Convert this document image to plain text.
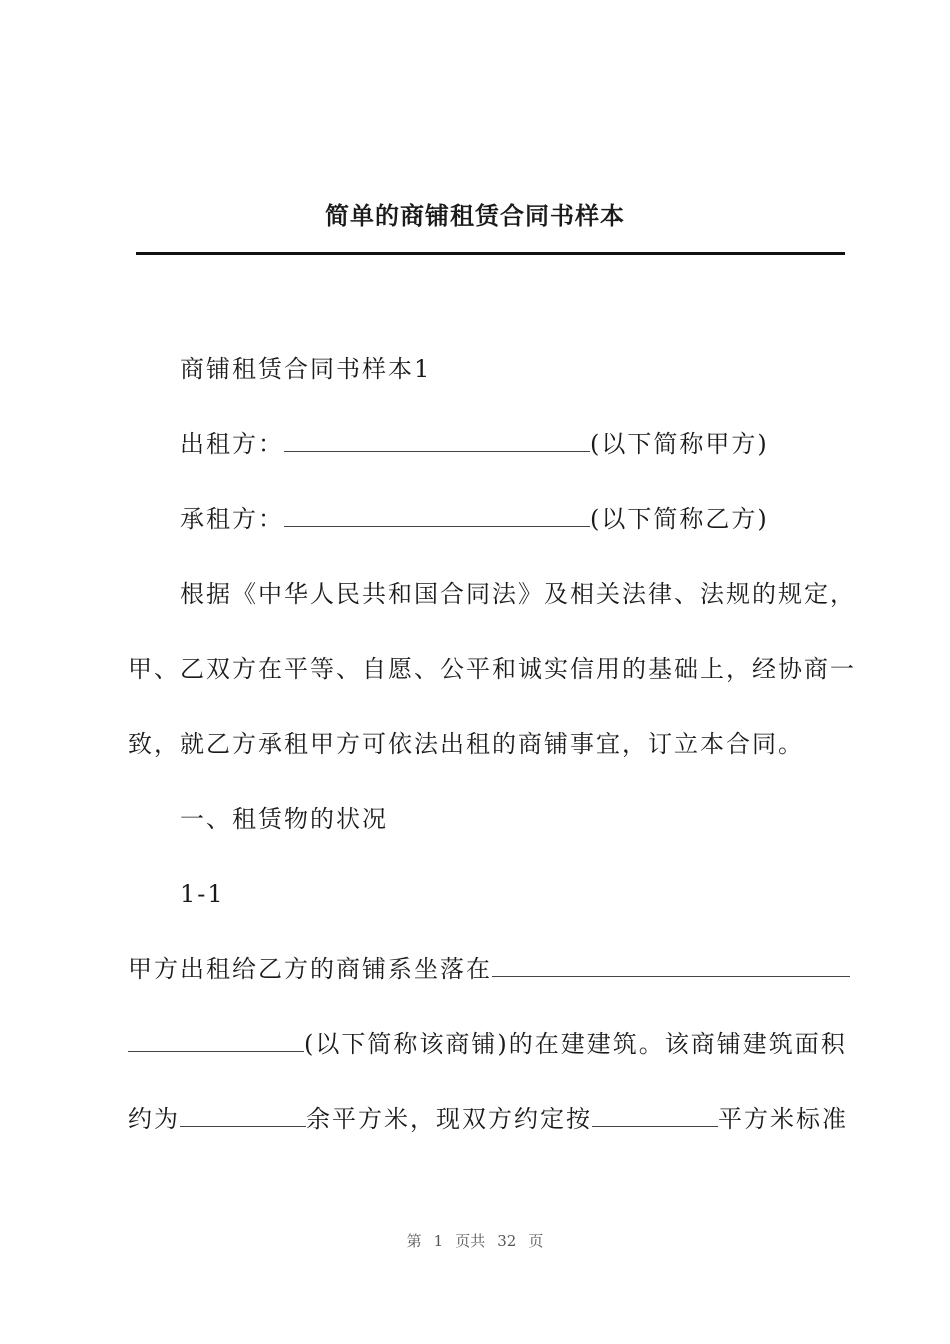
简单的商铺租赁合同书样本
商铺租赁合同书样本1
出租方：	(以下简称甲方)
承租方：	(以下简称乙方)
根据《中华人民共和国合同法》及相关法律、法规的规定，
甲、乙双方在平等、自愿、公平和诚实信用的基础上，经协商一
致，就乙方承租甲方可依法出租的商铺事宜，订立本合同。
一、租赁物的状况
1-1
甲方出租给乙方的商铺系坐落在
(以下简称该商铺)的在建建筑。该商铺建筑面积
约为	余平方米，现双方约定按	平方米标准
第 1 页共 32 页
